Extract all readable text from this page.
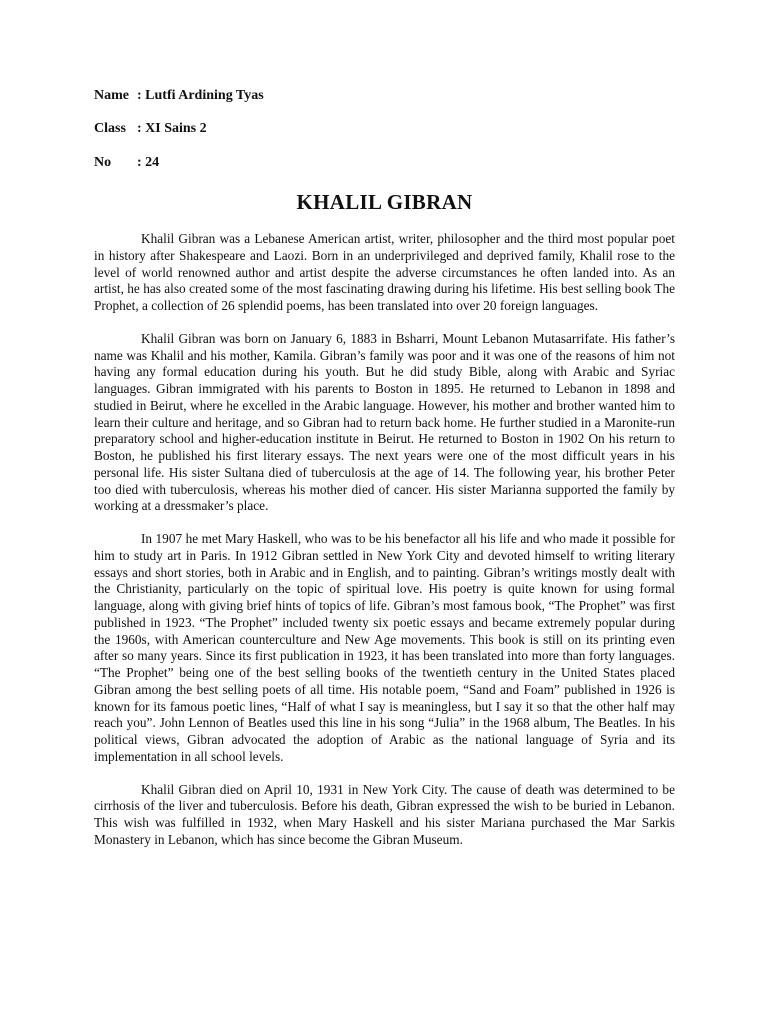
Name : Lutfi Ardining Tyas
Class : XI Sains 2
No : 24
KHALIL GIBRAN

Khalil Gibran was a Lebanese American artist, writer, philosopher and the third most popular poet in history after Shakespeare and Laozi. Born in an underprivileged and deprived family, Khalil rose to the level of world renowned author and artist despite the adverse circumstances he often landed into. As an artist, he has also created some of the most fascinating drawing during his lifetime. His best selling book The Prophet, a collection of 26 splendid poems, has been translated into over 20 foreign languages.

Khalil Gibran was born on January 6, 1883 in Bsharri, Mount Lebanon Mutasarrifate. His father’s name was Khalil and his mother, Kamila. Gibran’s family was poor and it was one of the reasons of him not having any formal education during his youth. But he did study Bible, along with Arabic and Syriac languages. Gibran immigrated with his parents to Boston in 1895. He returned to Lebanon in 1898 and studied in Beirut, where he excelled in the Arabic language. However, his mother and brother wanted him to learn their culture and heritage, and so Gibran had to return back home. He further studied in a Maronite-run preparatory school and higher-education institute in Beirut. He returned to Boston in 1902 On his return to Boston, he published his first literary essays. The next years were one of the most difficult years in his personal life. His sister Sultana died of tuberculosis at the age of 14. The following year, his brother Peter too died with tuberculosis, whereas his mother died of cancer. His sister Marianna supported the family by working at a dressmaker’s place.

In 1907 he met Mary Haskell, who was to be his benefactor all his life and who made it possible for him to study art in Paris. In 1912 Gibran settled in New York City and devoted himself to writing literary essays and short stories, both in Arabic and in English, and to painting. Gibran’s writings mostly dealt with the Christianity, particularly on the topic of spiritual love. His poetry is quite known for using formal language, along with giving brief hints of topics of life. Gibran’s most famous book, “The Prophet” was first published in 1923. “The Prophet” included twenty six poetic essays and became extremely popular during the 1960s, with American counterculture and New Age movements. This book is still on its printing even after so many years. Since its first publication in 1923, it has been translated into more than forty languages. “The Prophet” being one of the best selling books of the twentieth century in the United States placed Gibran among the best selling poets of all time. His notable poem, “Sand and Foam” published in 1926 is known for its famous poetic lines, “Half of what I say is meaningless, but I say it so that the other half may reach you”. John Lennon of Beatles used this line in his song “Julia” in the 1968 album, The Beatles. In his political views, Gibran advocated the adoption of Arabic as the national language of Syria and its implementation in all school levels.

Khalil Gibran died on April 10, 1931 in New York City. The cause of death was determined to be cirrhosis of the liver and tuberculosis. Before his death, Gibran expressed the wish to be buried in Lebanon. This wish was fulfilled in 1932, when Mary Haskell and his sister Mariana purchased the Mar Sarkis Monastery in Lebanon, which has since become the Gibran Museum.
